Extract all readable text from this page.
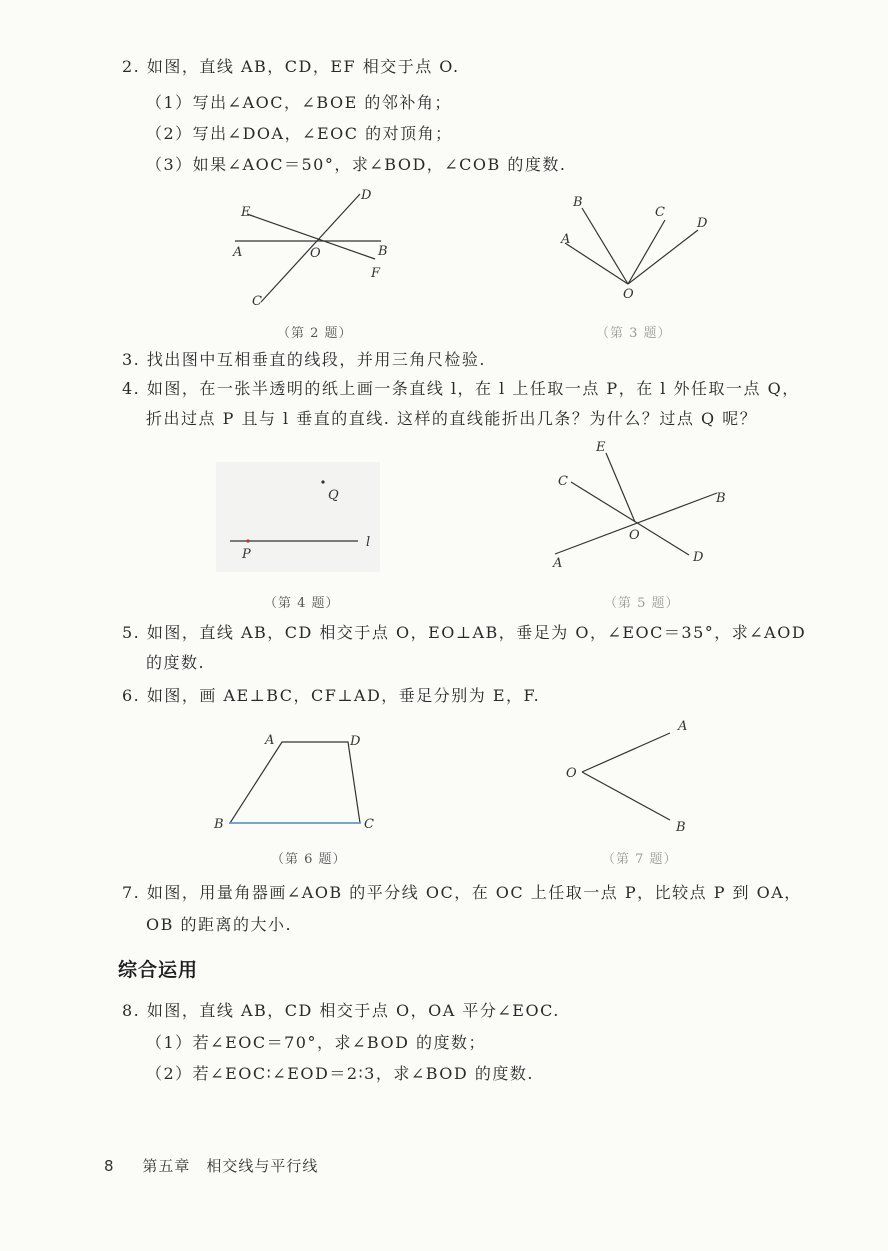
2. 如图，直线 AB，CD，EF 相交于点 O.
（1）写出∠AOC，∠BOE 的邻补角；
（2）写出∠DOA，∠EOC 的对顶角；
（3）如果∠AOC＝50°，求∠BOD，∠COB 的度数.
A	B
C
D
E
F
O
（第 2 题）
A
B
C
D
O
（第 3 题）
3. 找出图中互相垂直的线段，并用三角尺检验.
4. 如图，在一张半透明的纸上画一条直线 l，在 l 上任取一点 P，在 l 外任取一点 Q，
折出过点 P 且与 l 垂直的直线. 这样的直线能折出几条？为什么？过点 Q 呢？
Q
P
l
（第 4 题）
A
B
C
D
E
O
（第 5 题）
5. 如图，直线 AB，CD 相交于点 O，EO⊥AB，垂足为 O，∠EOC＝35°，求∠AOD
的度数.
6. 如图，画 AE⊥BC，CF⊥AD，垂足分别为 E，F.
A	D
B	C
（第 6 题）
A
O
B
（第 7 题）
7. 如图，用量角器画∠AOB 的平分线 OC，在 OC 上任取一点 P，比较点 P 到 OA，
OB 的距离的大小.
综合运用
8. 如图，直线 AB，CD 相交于点 O，OA 平分∠EOC.
（1）若∠EOC＝70°，求∠BOD 的度数；
（2）若∠EOC∶∠EOD＝2∶3，求∠BOD 的度数.
8 第五章　相交线与平行线
